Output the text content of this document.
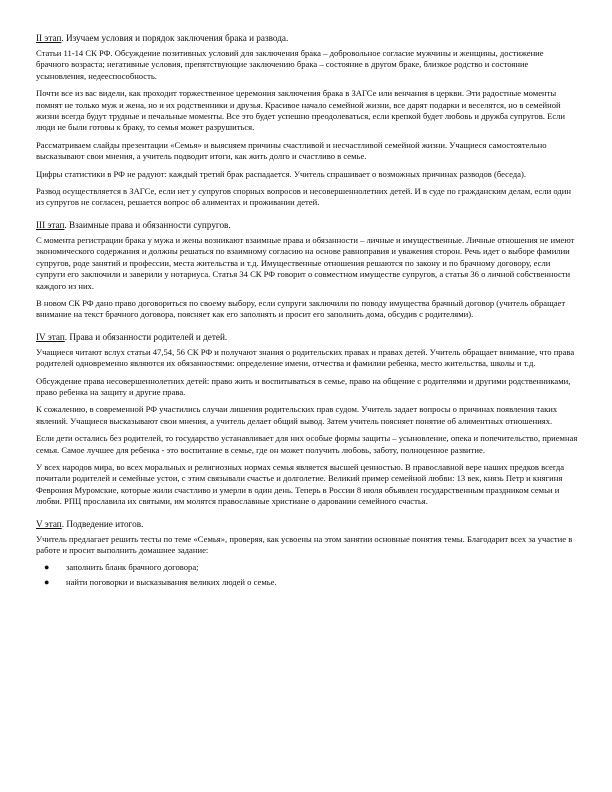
II этап. Изучаем условия и порядок заключения брака и развода.

Статьи 11-14 СК РФ. Обсуждение позитивных условий для заключения брака – добровольное согласие мужчины и женщины, достижение брачного возраста; негативные условия, препятствующие заключению брака – состояние в другом браке, близкое родство и состояние усыновления, недееспособность.

Почти все из вас видели, как проходит торжественное церемония заключения брака в ЗАГСе или венчания в церкви. Эти радостные моменты помнят не только муж и жена, но и их родственники и друзья. Красивое начало семейной жизни, все дарят подарки и веселятся, но в семейной жизни всегда будут трудные и печальные моменты. Все это будет успешно преодолеваться, если крепкой будет любовь и дружба супругов. Если люди не были готовы к браку, то семья может разрушиться.

Рассматриваем слайды презентации «Семья» и выясняем причины счастливой и несчастливой семейной жизни. Учащиеся самостоятельно высказывают свои мнения, а учитель подводит итоги, как жить долго и счастливо в семье.

Цифры статистики в РФ не радуют: каждый третий брак распадается. Учитель спрашивает о возможных причинах разводов (беседа).

Развод осуществляется в ЗАГСе, если нет у супругов спорных вопросов и несовершеннолетних детей. И в суде по гражданским делам, если один из супругов не согласен, решается вопрос об алиментах и проживании детей.

III этап. Взаимные права и обязанности супругов.

С момента регистрации брака у мужа и жены возникают взаимные права и обязанности – личные и имущественные. Личные отношения не имеют экономического содержания и должны решаться по взаимному согласию на основе равноправия и уважения сторон. Речь идет о выборе фамилии супругов, роде занятий и профессии, места жительства и т.д. Имущественные отношения решаются по закону и по брачному договору, если супруги его заключили и заверили у нотариуса. Статья 34 СК РФ говорит о совместном имуществе супругов, а статья 36 о личной собственности каждого из них.

В новом СК РФ дано право договориться по своему выбору, если супруги заключили по поводу имущества брачный договор (учитель обращает внимание на текст брачного договора, поясняет как его заполнять и просит его заполнить дома, обсудив с родителями).

IV этап. Права и обязанности родителей и детей.

Учащиеся читают вслух статьи 47,54, 56 СК РФ и получают знания о родительских правах и правах детей. Учитель обращает внимание, что права родителей одновременно являются их обязанностями: определение имени, отчества и фамилии ребенка, место жительства, школы и т.д.

Обсуждение права несовершеннолетних детей: право жить и воспитываться в семье, право на общение с родителями и другими родственниками, право ребенка на защиту и другие права.

К сожалению, в современной РФ участились случаи лишения родительских прав судом. Учитель задает вопросы о причинах появления таких явлений. Учащиеся высказывают свои мнения, а учитель делает общий вывод. Затем учитель поясняет понятие об алиментных отношениях.

Если дети остались без родителей, то государство устанавливает для них особые формы защиты – усыновление, опека и попечительство, приемная семья. Самое лучшее для ребенка - это воспитание в семье, где он может получить любовь, заботу, полноценное развитие.

У всех народов мира, во всех моральных и религиозных нормах семья является высшей ценностью. В православной вере наших предков всегда почитали родителей и семейные устои, с этим связывали счастье и долголетие. Великий пример семейной любви: 13 век, князь Петр и княгиня Феврония Муромские, которые жили счастливо и умерли в один день. Теперь в России 8 июля объявлен государственным праздником семьи и любви. РПЦ прославила их святыми, им молятся православные христиане о даровании семейного счастья.

V этап. Подведение итогов.

Учитель предлагает решить тесты по теме «Семья», проверяя, как усвоены на этом занятии основные понятия темы. Благодарит всех за участие в работе и просит выполнить домашнее задание:

● заполнить бланк брачного договора;
● найти поговорки и высказывания великих людей о семье.
